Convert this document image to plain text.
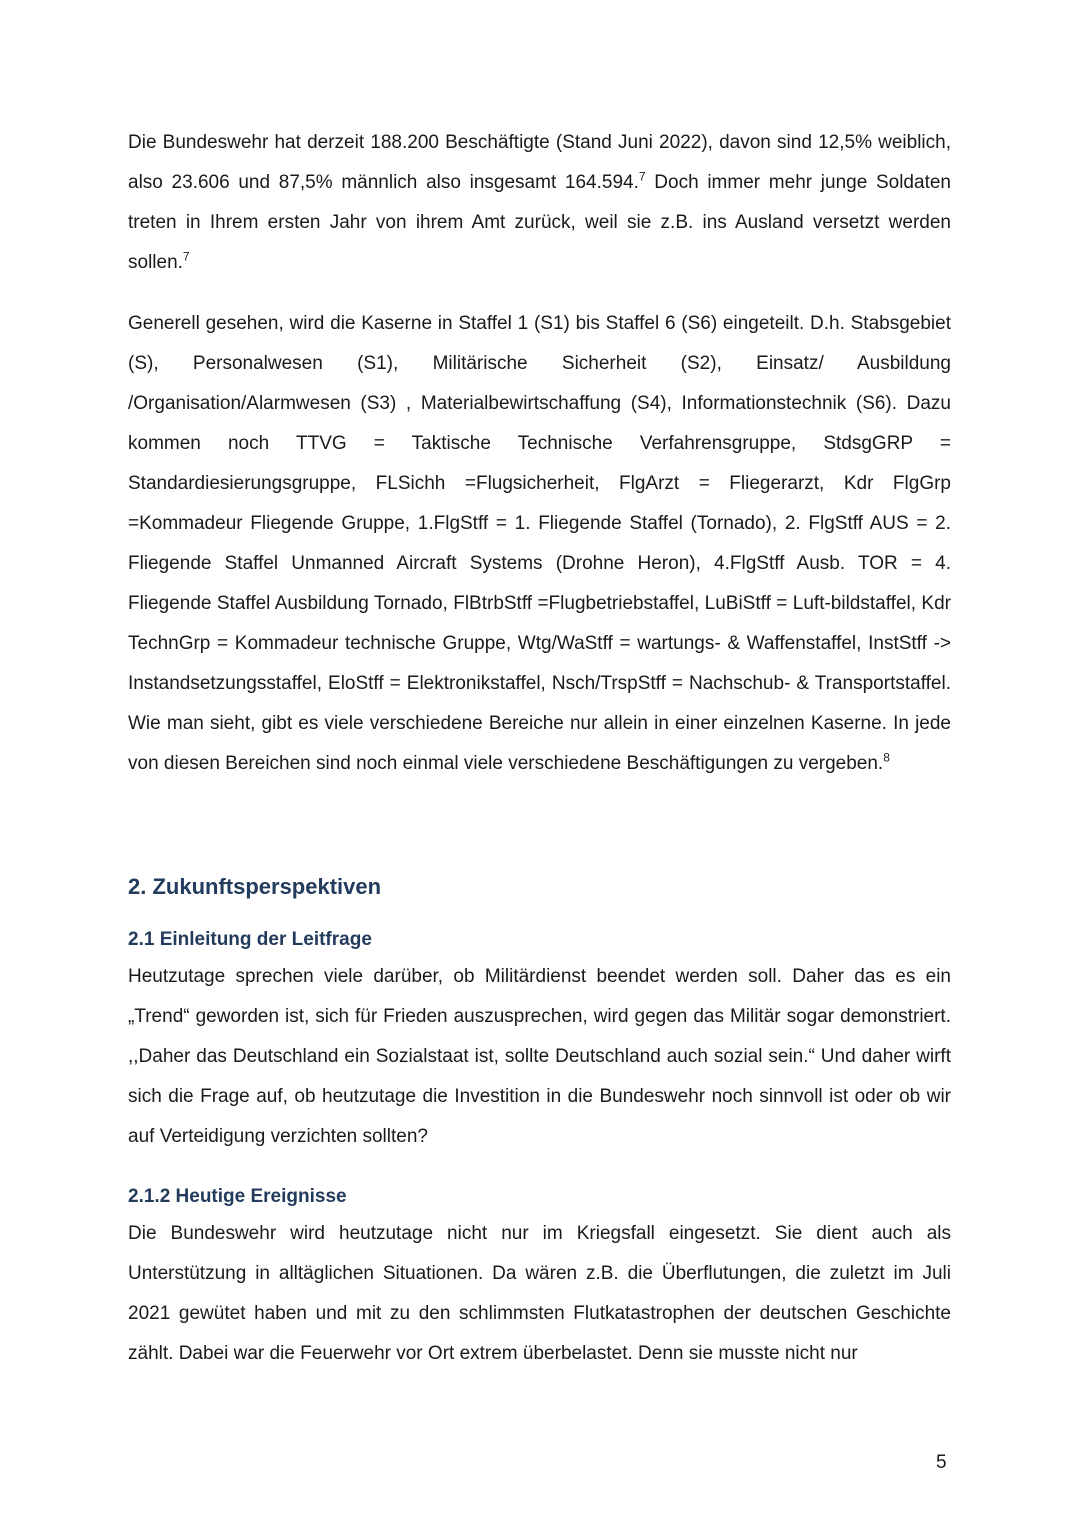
Die Bundeswehr hat derzeit 188.200 Beschäftigte (Stand Juni 2022), davon sind 12,5% weiblich, also 23.606 und 87,5% männlich also insgesamt 164.594.$^7$ Doch immer mehr junge Soldaten treten in Ihrem ersten Jahr von ihrem Amt zurück, weil sie z.B. ins Ausland versetzt werden sollen.$^7$

Generell gesehen, wird die Kaserne in Staffel 1 (S1) bis Staffel 6 (S6) eingeteilt. D.h. Stabsgebiet (S), Personalwesen (S1), Militärische Sicherheit (S2), Einsatz/ Ausbildung /Organisation/Alarmwesen (S3) , Materialbewirtschaffung (S4), Informationstechnik (S6). Dazu kommen noch TTVG = Taktische Technische Verfahrensgruppe, StdsgGRP = Standardiesierungsgruppe, FLSichh =Flugsicherheit, FlgArzt = Fliegerarzt, Kdr FlgGrp =Kommadeur Fliegende Gruppe, 1.FlgStff = 1. Fliegende Staffel (Tornado), 2. FlgStff AUS = 2. Fliegende Staffel Unmanned Aircraft Systems (Drohne Heron), 4.FlgStff Ausb. TOR = 4. Fliegende Staffel Ausbildung Tornado, FlBtrbStff =Flugbetriebstaffel, LuBiStff = Luft-bildstaffel, Kdr TechnGrp = Kommadeur technische Gruppe, Wtg/WaStff = wartungs- & Waffenstaffel, InstStff -> Instandsetzungsstaffel, EloStff = Elektronikstaffel, Nsch/TrspStff = Nachschub- & Transportstaffel. Wie man sieht, gibt es viele verschiedene Bereiche nur allein in einer einzelnen Kaserne. In jede von diesen Bereichen sind noch einmal viele verschiedene Beschäftigungen zu vergeben.$^8$

2. Zukunftsperspektiven
2.1 Einleitung der Leitfrage

Heutzutage sprechen viele darüber, ob Militärdienst beendet werden soll. Daher das es ein „Trend“ geworden ist, sich für Frieden auszusprechen, wird gegen das Militär sogar demonstriert. ,,Daher das Deutschland ein Sozialstaat ist, sollte Deutschland auch sozial sein.“ Und daher wirft sich die Frage auf, ob heutzutage die Investition in die Bundeswehr noch sinnvoll ist oder ob wir auf Verteidigung verzichten sollten?

2.1.2 Heutige Ereignisse

Die Bundeswehr wird heutzutage nicht nur im Kriegsfall eingesetzt. Sie dient auch als Unterstützung in alltäglichen Situationen. Da wären z.B. die Überflutungen, die zuletzt im Juli 2021 gewütet haben und mit zu den schlimmsten Flutkatastrophen der deutschen Geschichte zählt. Dabei war die Feuerwehr vor Ort extrem überbelastet. Denn sie musste nicht nur

5
